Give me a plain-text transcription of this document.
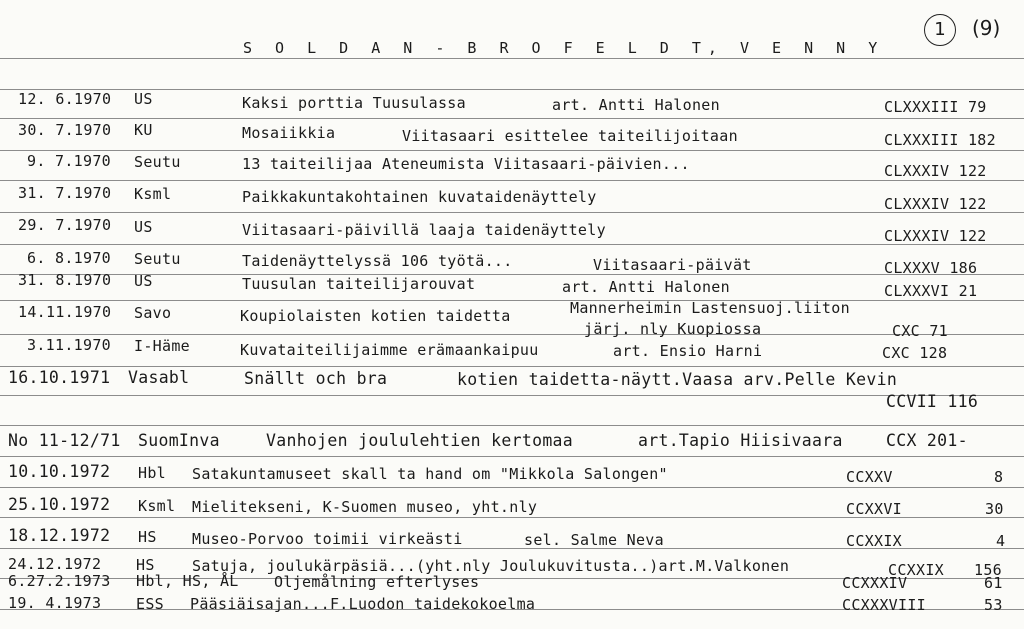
S O L D A N - B R O F E L D T, V E N N Y
1	(9)
12. 6.1970 US	Kaksi porttia Tuusulassa	art. Antti Halonen	CLXXXIII 79
30. 7.1970 KU	Mosaiikkia	Viitasaari esittelee taiteilijoitaan	CLXXXIII 182
9. 7.1970 Seutu	13 taiteilijaa Ateneumista Viitasaari-päivien...	CLXXXIV 122
31. 7.1970 Ksml	Paikkakuntakohtainen kuvataidenäyttely	CLXXXIV 122
29. 7.1970 US	Viitasaari-päivillä laaja taidenäyttely	CLXXXIV 122
6. 8.1970 Seutu	Taidenäyttelyssä 106 työtä...	Viitasaari-päivät	CLXXXV 186
31. 8.1970 US	Tuusulan taiteilijarouvat	art. Antti Halonen	CLXXXVI 21
14.11.1970 Savo	Koupiolaisten kotien taidetta	Mannerheimin Lastensuoj.liiton
järj. nly Kuopiossa	CXC 71
3.11.1970 I-Häme	Kuvataiteilijaimme erämaankaipuu	art. Ensio Harni	CXC 128
16.10.1971 Vasabl	Snällt och bra	kotien taidetta-näytt.Vaasa arv.Pelle Kevin
CCVII 116
No 11-12/71 SuomInva	Vanhojen joululehtien kertomaa	art.Tapio Hiisivaara	CCX 201-
10.10.1972 Hbl Satakuntamuseet skall ta hand om "Mikkola Salongen"	CCXXV	8
25.10.1972 Ksml Mielitekseni, K-Suomen museo, yht.nly	CCXXVI	30
18.12.1972 HS Museo-Porvoo toimii virkeästi	sel. Salme Neva	CCXXIX	4
24.12.1972 HS Satuja, joulukärpäsiä...(yht.nly Joulukuvitusta..)art.M.Valkonen	CCXXIX 156
6.27.2.1973 Hbl, HS, ÅL Oljemålning efterlyses	CCXXXIV	61
19. 4.1973 ESS Pääsiäisajan...F.Luodon taidekokoelma	CCXXXVIII	53
